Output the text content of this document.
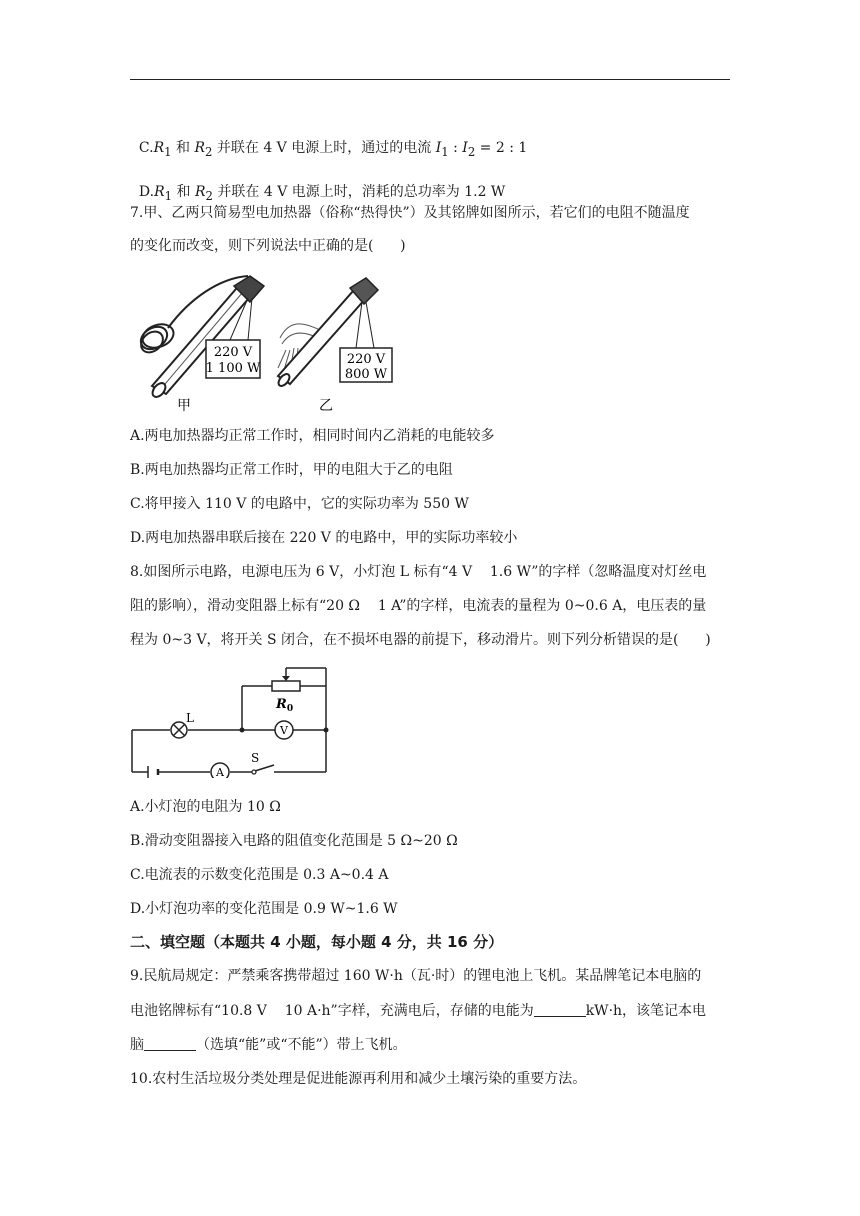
$C.R_1$ 和 $R_2$ 并联在 4 V 电源上时，通过的电流 $I_1$ : $I_2 = 2$ : 1

$D.R_1$ 和 $R_2$ 并联在 4 V 电源上时，消耗的总功率为 1.2 W

7.甲、乙两只简易型电加热器（俗称“热得快”）及其铭牌如图所示，若它们的电阻不随温度
的变化而改变，则下列说法中正确的是(      )
220 V
1 100 W
甲
220 V
800 W
乙
A.两电加热器均正常工作时，相同时间内乙消耗的电能较多
B.两电加热器均正常工作时，甲的电阻大于乙的电阻
C.将甲接入 110 V 的电路中，它的实际功率为 550 W
D.两电加热器串联后接在 220 V 的电路中，甲的实际功率较小
8.如图所示电路，电源电压为 6 V，小灯泡 L 标有“4 V    1.6 W”的字样（忽略温度对灯丝电
阻的影响），滑动变阻器上标有“20 Ω    1 A”的字样，电流表的量程为 0~0.6 A，电压表的量
程为 0~3 V，将开关 S 闭合，在不损坏电器的前提下，移动滑片。则下列分析错误的是(      )
$R_0$
L
V
A
S
A.小灯泡的电阻为 10 Ω
B.滑动变阻器接入电路的阻值变化范围是 5 Ω~20 Ω
C.电流表的示数变化范围是 0.3 A~0.4 A
D.小灯泡功率的变化范围是 0.9 W~1.6 W
二、填空题（本题共 4 小题，每小题 4 分，共 16 分）
9.民航局规定：严禁乘客携带超过 160 W·h（瓦·时）的锂电池上飞机。某品牌笔记本电脑的
电池铭牌标有“10.8 V    10 A·h”字样，充满电后，存储的电能为	kW·h，该笔记本电
脑	（选填“能”或“不能”）带上飞机。
10.农村生活垃圾分类处理是促进能源再利用和减少土壤污染的重要方法。
